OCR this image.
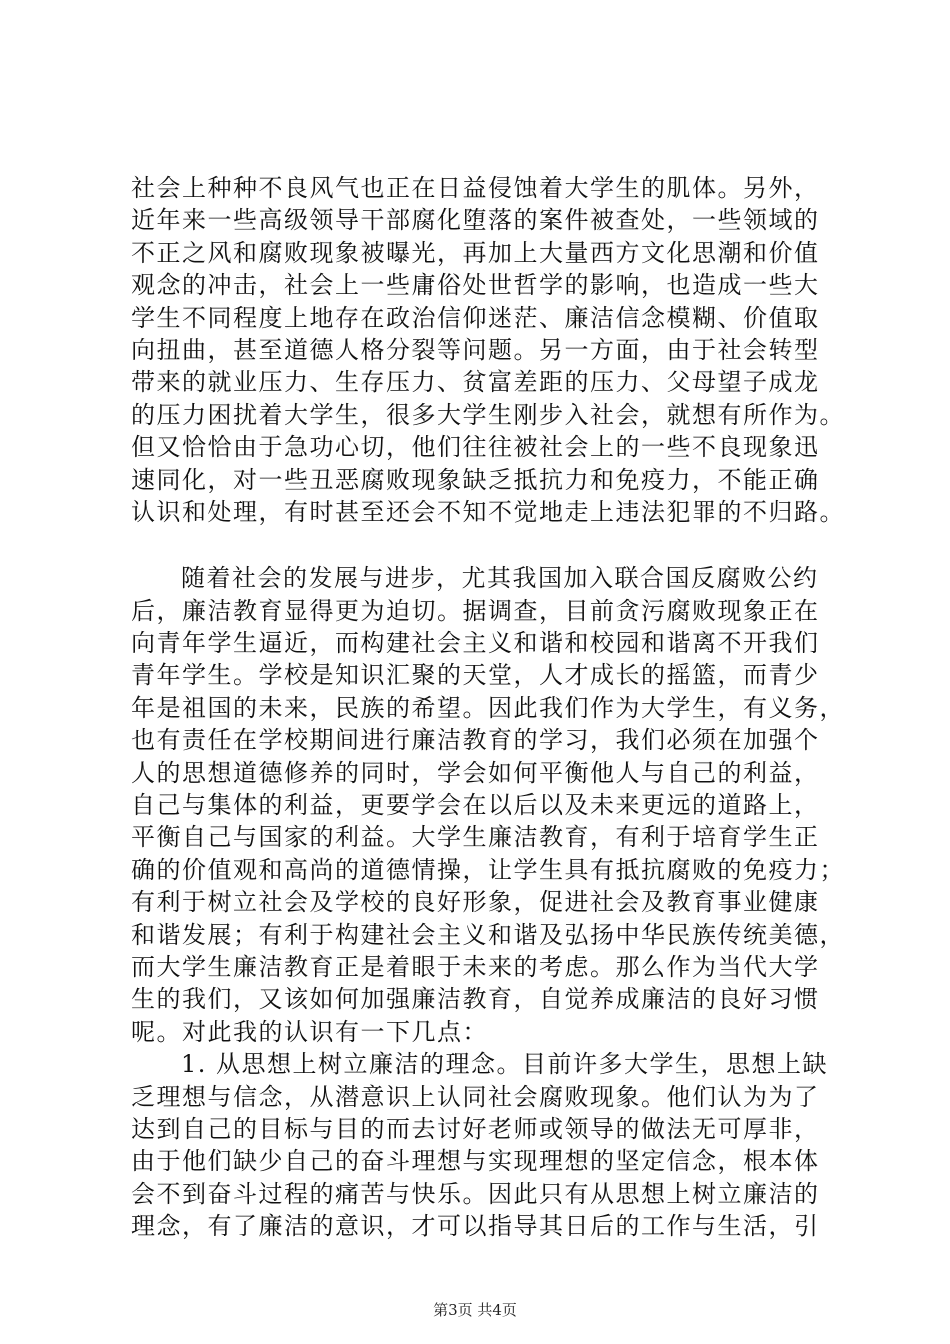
社会上种种不良风气也正在日益侵蚀着大学生的肌体。另外，
近年来一些高级领导干部腐化堕落的案件被查处，一些领域的
不正之风和腐败现象被曝光，再加上大量西方文化思潮和价值
观念的冲击，社会上一些庸俗处世哲学的影响，也造成一些大
学生不同程度上地存在政治信仰迷茫、廉洁信念模糊、价值取
向扭曲，甚至道德人格分裂等问题。另一方面，由于社会转型
带来的就业压力、生存压力、贫富差距的压力、父母望子成龙
的压力困扰着大学生，很多大学生刚步入社会，就想有所作为。
但又恰恰由于急功心切，他们往往被社会上的一些不良现象迅
速同化，对一些丑恶腐败现象缺乏抵抗力和免疫力，不能正确
认识和处理，有时甚至还会不知不觉地走上违法犯罪的不归路。
随着社会的发展与进步，尤其我国加入联合国反腐败公约
后，廉洁教育显得更为迫切。据调查，目前贪污腐败现象正在
向青年学生逼近，而构建社会主义和谐和校园和谐离不开我们
青年学生。学校是知识汇聚的天堂，人才成长的摇篮，而青少
年是祖国的未来，民族的希望。因此我们作为大学生，有义务，
也有责任在学校期间进行廉洁教育的学习，我们必须在加强个
人的思想道德修养的同时，学会如何平衡他人与自己的利益，
自己与集体的利益，更要学会在以后以及未来更远的道路上，
平衡自己与国家的利益。大学生廉洁教育，有利于培育学生正
确的价值观和高尚的道德情操，让学生具有抵抗腐败的免疫力；
有利于树立社会及学校的良好形象，促进社会及教育事业健康
和谐发展；有利于构建社会主义和谐及弘扬中华民族传统美德，
而大学生廉洁教育正是着眼于未来的考虑。那么作为当代大学
生的我们，又该如何加强廉洁教育，自觉养成廉洁的良好习惯
呢。对此我的认识有一下几点：
1. 从思想上树立廉洁的理念。目前许多大学生，思想上缺
乏理想与信念，从潜意识上认同社会腐败现象。他们认为为了
达到自己的目标与目的而去讨好老师或领导的做法无可厚非，
由于他们缺少自己的奋斗理想与实现理想的坚定信念，根本体
会不到奋斗过程的痛苦与快乐。因此只有从思想上树立廉洁的
理念，有了廉洁的意识，才可以指导其日后的工作与生活，引
第3页 共4页
